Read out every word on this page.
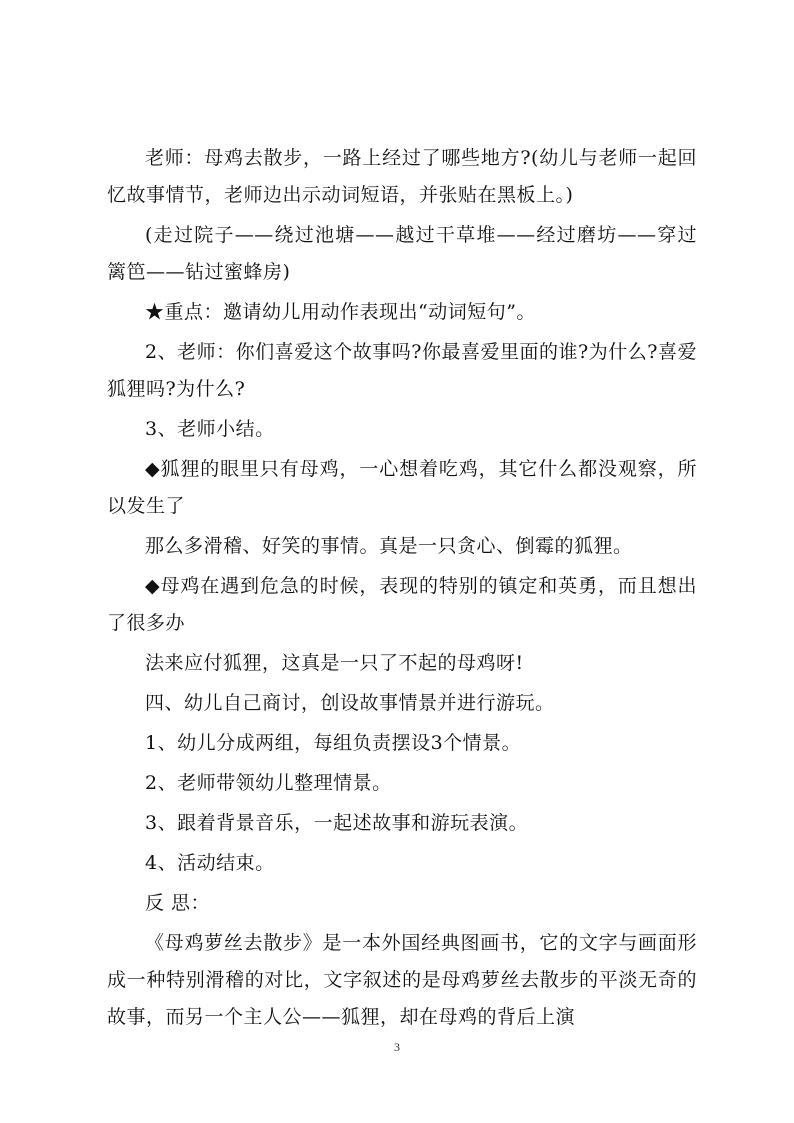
老师：母鸡去散步，一路上经过了哪些地方?(幼儿与老师一起回忆故事情节，老师边出示动词短语，并张贴在黑板上。)

(走过院子——绕过池塘——越过干草堆——经过磨坊——穿过篱笆——钻过蜜蜂房)

★重点：邀请幼儿用动作表现出“动词短句”。

2、老师：你们喜爱这个故事吗?你最喜爱里面的谁?为什么?喜爱狐狸吗?为什么?

3、老师小结。

◆狐狸的眼里只有母鸡，一心想着吃鸡，其它什么都没观察，所以发生了

那么多滑稽、好笑的事情。真是一只贪心、倒霉的狐狸。

◆母鸡在遇到危急的时候，表现的特别的镇定和英勇，而且想出了很多办

法来应付狐狸，这真是一只了不起的母鸡呀!

四、幼儿自己商讨，创设故事情景并进行游玩。

1、幼儿分成两组，每组负责摆设3个情景。

2、老师带领幼儿整理情景。

3、跟着背景音乐，一起述故事和游玩表演。

4、活动结束。

反 思：

《母鸡萝丝去散步》是一本外国经典图画书，它的文字与画面形成一种特别滑稽的对比，文字叙述的是母鸡萝丝去散步的平淡无奇的故事，而另一个主人公——狐狸，却在母鸡的背后上演

3
